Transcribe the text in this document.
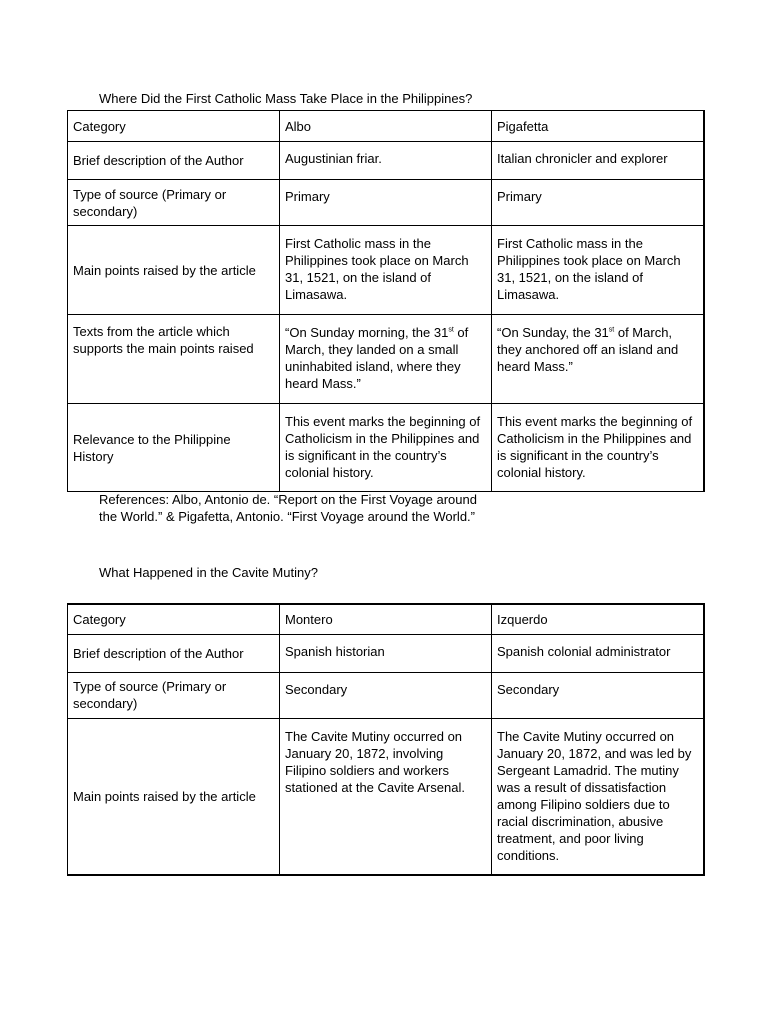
Where Did the First Catholic Mass Take Place in the Philippines?
Category	Albo	Pigafetta
Brief description of the Author	Augustinian friar.	Italian chronicler and explorer
Type of source (Primary or secondary)	Primary	Primary
Main points raised by the article	First Catholic mass in the Philippines took place on March 31, 1521, on the island of Limasawa.	First Catholic mass in the Philippines took place on March 31, 1521, on the island of Limasawa.
Texts from the article which supports the main points raised	“On Sunday morning, the 31st of March, they landed on a small uninhabited island, where they heard Mass.”	“On Sunday, the 31st of March, they anchored off an island and heard Mass.”
Relevance to the Philippine History	This event marks the beginning of Catholicism in the Philippines and is significant in the country’s colonial history.	This event marks the beginning of Catholicism in the Philippines and is significant in the country’s colonial history.
References: Albo, Antonio de. “Report on the First Voyage around
the World.” & Pigafetta, Antonio. “First Voyage around the World.”
What Happened in the Cavite Mutiny?
Category	Montero	Izquerdo
Brief description of the Author	Spanish historian	Spanish colonial administrator
Type of source (Primary or secondary)	Secondary	Secondary
Main points raised by the article	The Cavite Mutiny occurred on January 20, 1872, involving Filipino soldiers and workers stationed at the Cavite Arsenal.	The Cavite Mutiny occurred on January 20, 1872, and was led by Sergeant Lamadrid. The mutiny was a result of dissatisfaction among Filipino soldiers due to racial discrimination, abusive treatment, and poor living conditions.
